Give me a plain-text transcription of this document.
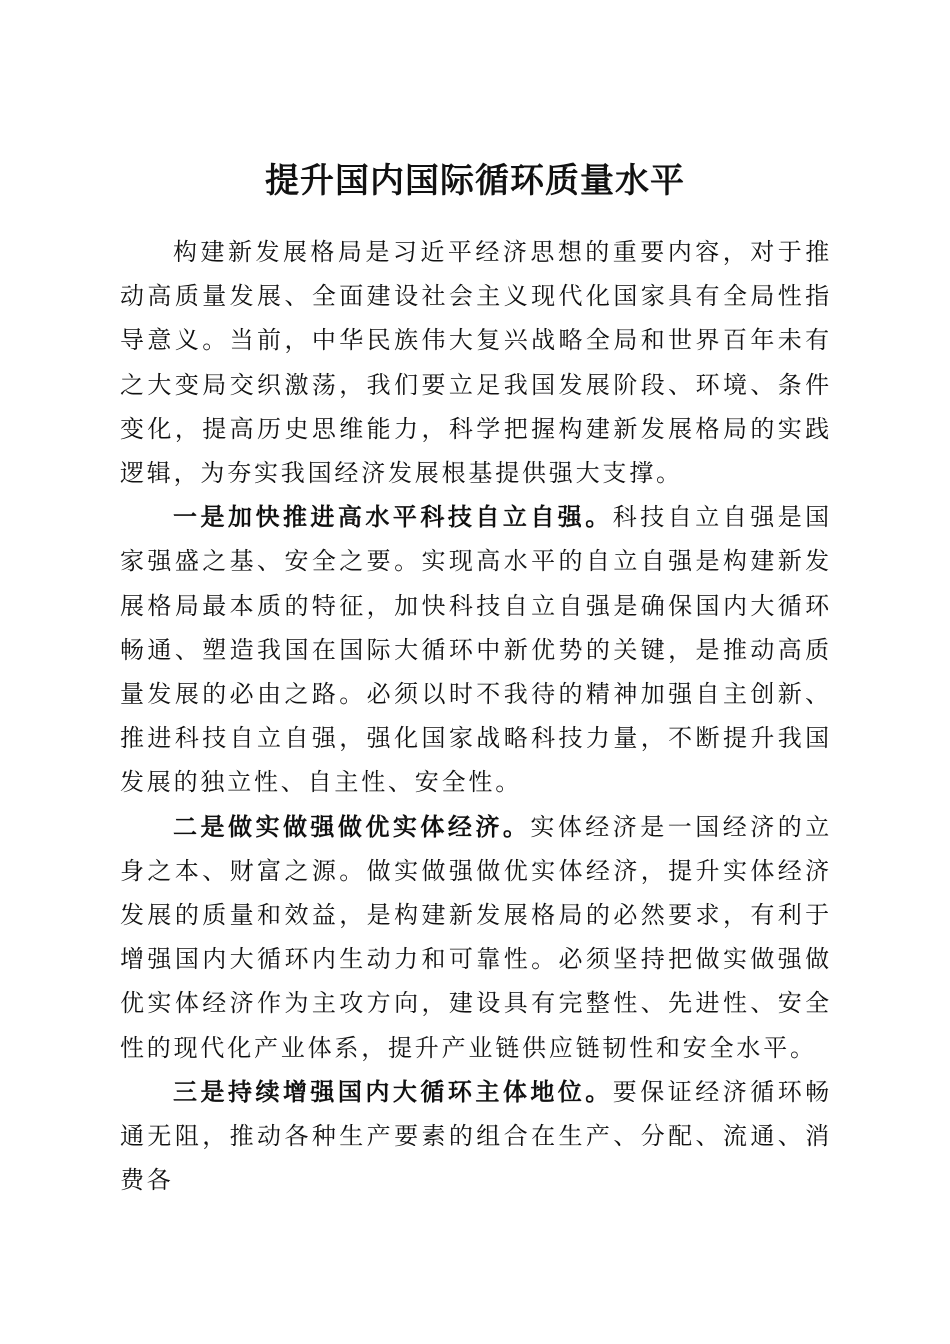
提升国内国际循环质量水平

构建新发展格局是习近平经济思想的重要内容，对于推动高质量发展、全面建设社会主义现代化国家具有全局性指导意义。当前，中华民族伟大复兴战略全局和世界百年未有之大变局交织激荡，我们要立足我国发展阶段、环境、条件变化，提高历史思维能力，科学把握构建新发展格局的实践逻辑，为夯实我国经济发展根基提供强大支撑。

一是加快推进高水平科技自立自强。科技自立自强是国家强盛之基、安全之要。实现高水平的自立自强是构建新发展格局最本质的特征，加快科技自立自强是确保国内大循环畅通、塑造我国在国际大循环中新优势的关键，是推动高质量发展的必由之路。必须以时不我待的精神加强自主创新、推进科技自立自强，强化国家战略科技力量，不断提升我国发展的独立性、自主性、安全性。

二是做实做强做优实体经济。实体经济是一国经济的立身之本、财富之源。做实做强做优实体经济，提升实体经济发展的质量和效益，是构建新发展格局的必然要求，有利于增强国内大循环内生动力和可靠性。必须坚持把做实做强做优实体经济作为主攻方向，建设具有完整性、先进性、安全性的现代化产业体系，提升产业链供应链韧性和安全水平。

三是持续增强国内大循环主体地位。要保证经济循环畅通无阻，推动各种生产要素的组合在生产、分配、流通、消费各
